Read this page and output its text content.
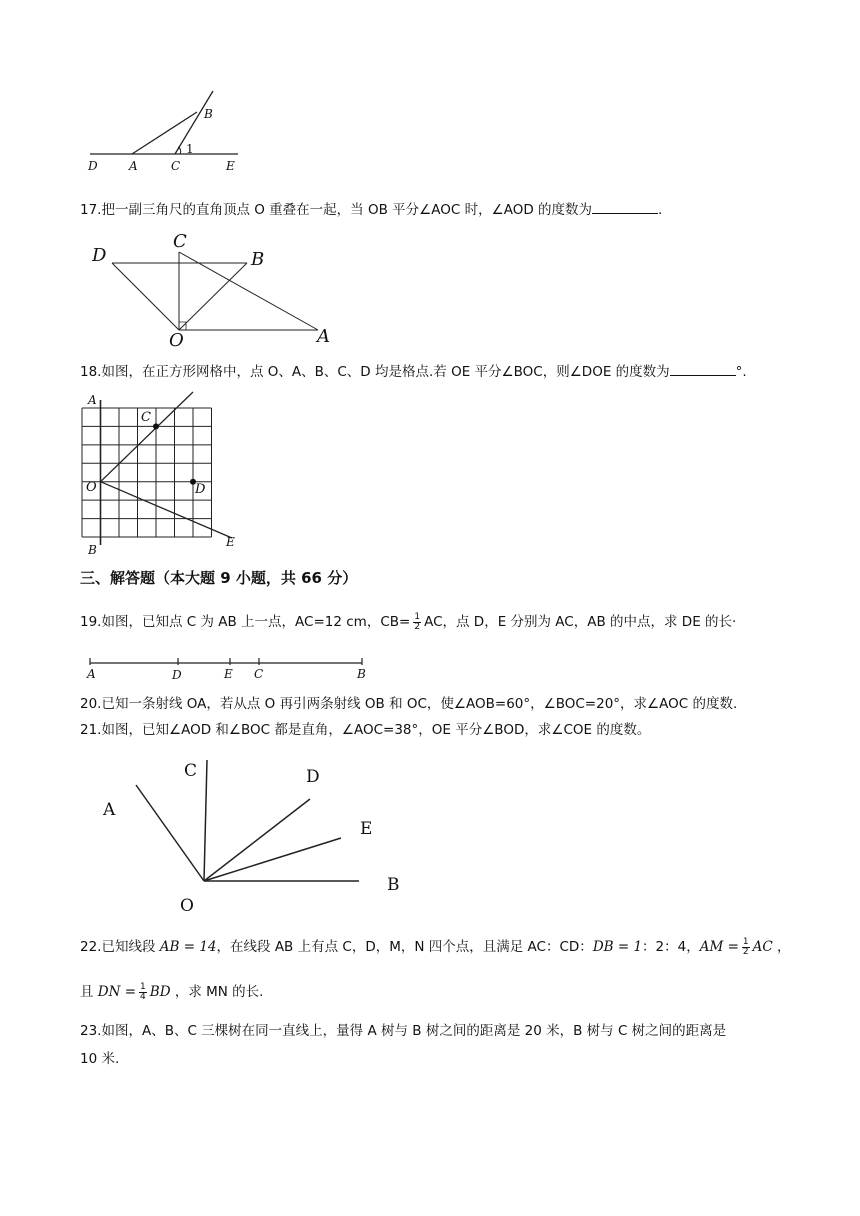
B
1
D	A	C	E
17.把一副三角尺的直角顶点 O 重叠在一起，当 OB 平分∠AOC 时，∠AOD 的度数为	.
C
D	B
O	A
18.如图，在正方形网格中，点 O、A、B、C、D 均是格点.若 OE 平分∠BOC，则∠DOE 的度数为	°.
A
C
O	D
B
E
三、解答题（本大题 9 小题，共 66 分）
19.如图，已知点 C 为 AB 上一点，AC=12 cm，$CB= \frac{1}{2}$ AC，点 D，E 分别为 AC，AB 的中点，求 DE 的长·
A	D	E C	B
20.已知一条射线 OA，若从点 O 再引两条射线 OB 和 OC，使∠AOB=60°，∠BOC=20°，求∠AOC 的度数.
21.如图，已知∠AOD 和∠BOC 都是直角，∠AOC=38°，OE 平分∠BOD，求∠COE 的度数。
A
C	D
E
B
O
22.已知线段 AB = 14，在线段 AB 上有点 C，D，M，N 四个点，且满足 AC：CD：DB = 1：2：4，AM = $\frac{1}{2}$ AC ，
且 DN = $\frac{1}{4}$ BD ，求 MN 的长.
23.如图，A、B、C 三棵树在同一直线上，量得 A 树与 B 树之间的距离是 20 米，B 树与 C 树之间的距离是
10 米.
